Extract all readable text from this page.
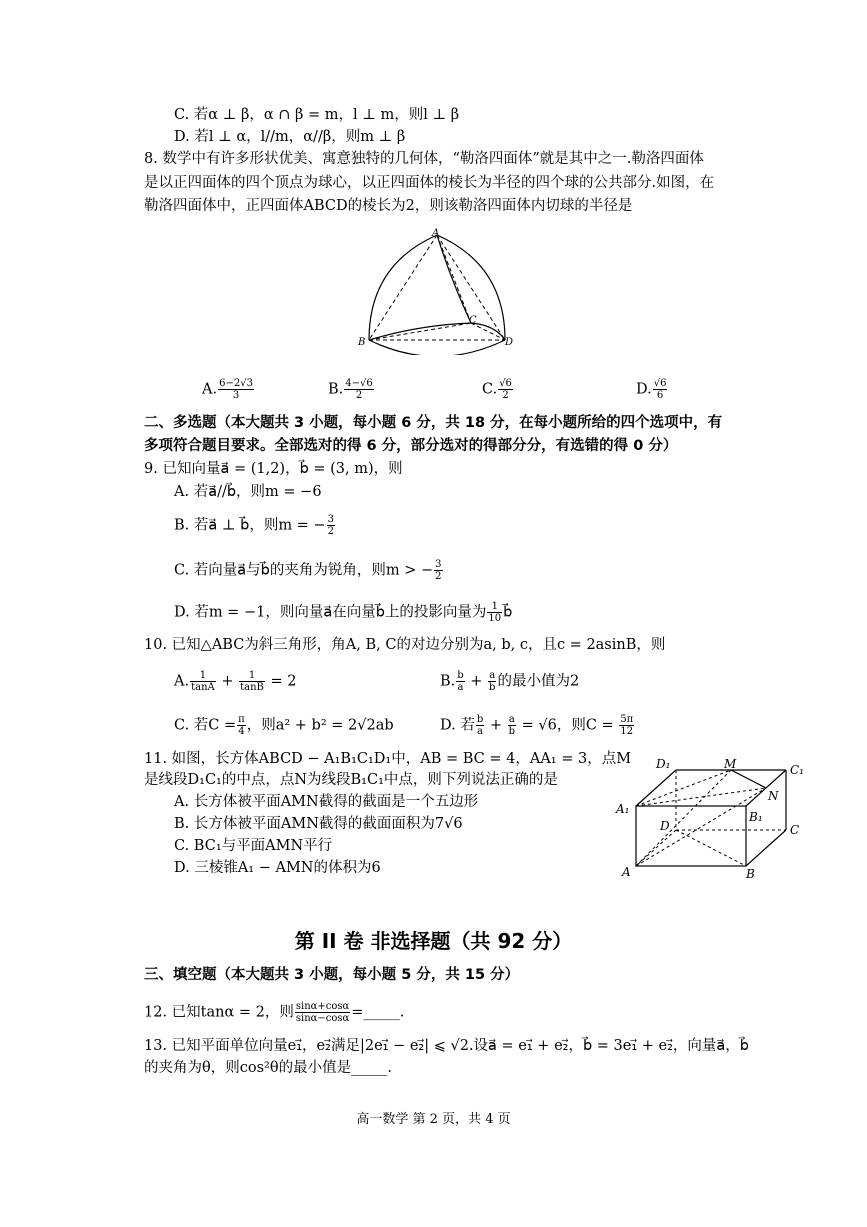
C. 若α ⊥ β，α ∩ β = m，l ⊥ m，则l ⊥ β
D. 若l ⊥ α，l//m，α//β，则m ⊥ β
8. 数学中有许多形状优美、寓意独特的几何体，“勒洛四面体”就是其中之一.勒洛四面体
是以正四面体的四个顶点为球心，以正四面体的棱长为半径的四个球的公共部分.如图，在
勒洛四面体中，正四面体ABCD的棱长为2，则该勒洛四面体内切球的半径是
A
B
C
D
A. $\frac{6-2√3}{3}$	B. $\frac{4-√6}{2}$	C. $\frac{√6}{2}$	D. $\frac{√6}{6}$
二、多选题（本大题共 3 小题，每小题 6 分，共 18 分，在每小题所给的四个选项中，有
多项符合题目要求。全部选对的得 6 分，部分选对的得部分分，有选错的得 0 分）
9. 已知向量a⃗ = (1,2)，b⃗ = (3, m)，则
A. 若a⃗//b⃗，则m = −6
B. 若a⃗ ⊥ b⃗，则m = − $\frac{3}{2}$
C. 若向量a⃗与b⃗的夹角为锐角，则m > − $\frac{3}{2}$
D. 若m = −1，则向量a⃗在向量b⃗上的投影向量为 $\frac{1}{10}$ b⃗
10. 已知△ABC为斜三角形，角A, B, C的对边分别为a, b, c，且c = 2asinB，则
A. $\frac{1}{\tan A} + \frac{1}{\tan B} = 2$	B. $\frac{b}{a} + \frac{a}{b}$ 的最小值为2
C. 若$C = \frac{\pi}{4}$ ，则a² + b² = 2√2ab	D. 若 $\frac{b}{a} + \frac{a}{b} = √6$，则$C = \frac{5\pi}{12}$
11. 如图，长方体ABCD − A₁B₁C₁D₁中，AB = BC = 4，AA₁ = 3，点M
是线段D₁C₁的中点，点N为线段B₁C₁中点，则下列说法正确的是
A. 长方体被平面AMN截得的截面是一个五边形
B. 长方体被平面AMN截得的截面面积为7√6
C. BC₁与平面AMN平行
D. 三棱锥A₁ − AMN的体积为6
D₁	M	C₁
A₁
B₁
N
D	C
A	B
第 II 卷 非选择题（共 92 分）
三、填空题（本大题共 3 小题，每小题 5 分，共 15 分）
12. 已知tanα = 2，则 $\frac{\sin\alpha+\cos\alpha}{\sin\alpha-\cos\alpha}$ =_____.
13. 已知平面单位向量e₁⃗，e₂⃗满足|2e₁⃗ − e₂⃗| ⩽ √2.设a⃗ = e₁⃗ + e₂⃗，b⃗ = 3e₁⃗ + e₂⃗，向量a⃗，b⃗
的夹角为θ，则cos²θ的最小值是_____.
高一数学 第 2 页，共 4 页
